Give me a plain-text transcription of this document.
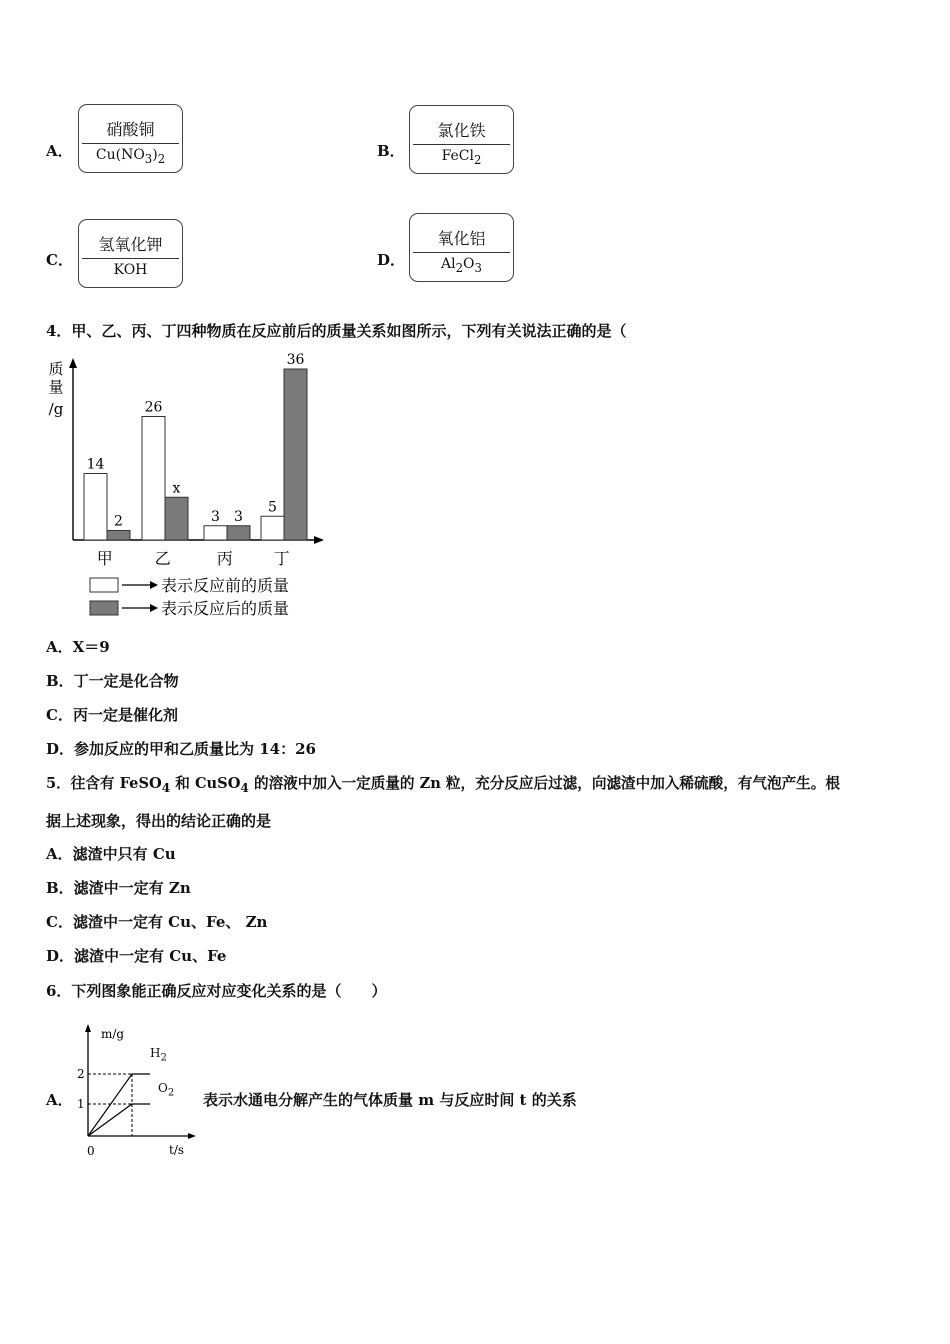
A．
硝酸铜
$Cu(NO_3)_2$	B．
氯化铁
FeCl$_2$
C．
氢氧化钾
KOH
D．
氧化铝
$Al_2O_3$
4．甲、乙、丙、丁四种物质在反应前后的质量关系如图所示，下列有关说法正确的是（
质
量
/g
14
2
26
x
3 3
5
36
甲	乙	丙	丁
表示反应前的质量
表示反应后的质量
A．X＝9
B．丁一定是化合物
C．丙一定是催化剂
D．参加反应的甲和乙质量比为 14：26
5．往含有 FeSO$_4$ 和 CuSO$_4$ 的溶液中加入一定质量的 Zn 粒，充分反应后过滤，向滤渣中加入稀硫酸，有气泡产生。根
据上述现象，得出的结论正确的是
A．滤渣中只有 Cu
B．滤渣中一定有 Zn
C．滤渣中一定有 Cu、Fe、 Zn
D．滤渣中一定有 Cu、Fe
6．下列图象能正确反应对应变化关系的是（　　）
A．
m/g
t/s
0
2
1
$H_2$
$O_2$	表示水通电分解产生的气体质量 m 与反应时间 t 的关系
